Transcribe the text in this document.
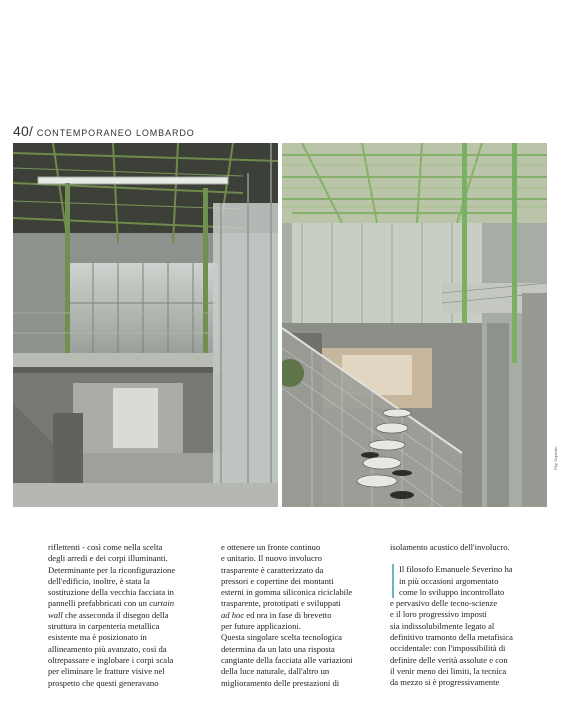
40 / CONTEMPORANEO LOMBARDO
Filip Dujardin

riflettenti - così come nella scelta

degli arredi e dei corpi illuminanti.

Determinante per la riconfigurazione

dell'edificio, inoltre, è stata la

sostituzione della vecchia facciata in

pannelli prefabbricati con un curtain

wall che asseconda il disegno della

struttura in carpenteria metallica

esistente ma è posizionato in

allineamento più avanzato, così da

oltrepassare e inglobare i corpi scala

per eliminare le fratture visive nel

prospetto che questi generavano

e ottenere un fronte continuo

e unitario. Il nuovo involucro

trasparente è caratterizzato da

pressori e copertine dei montanti

esterni in gomma siliconica riciclabile

trasparente, prototipati e sviluppati

ad hoc ed ora in fase di brevetto

per future applicazioni.

Questa singolare scelta tecnologica

determina da un lato una risposta

cangiante della facciata alle variazioni

della luce naturale, dall'altro un

miglioramento delle prestazioni di

isolamento acustico dell'involucro.

Il filosofo Emanuele Severino ha

in più occasioni argomentato

come lo sviluppo incontrollato

e pervasivo delle tecno-scienze

e il loro progressivo imposti

sia indissolubilmente legato al

definitivo tramonto della metafisica

occidentale: con l'impossibilità di

definire delle verità assolute e con

il venir meno dei limiti, la tecnica

da mezzo si è progressivamente
